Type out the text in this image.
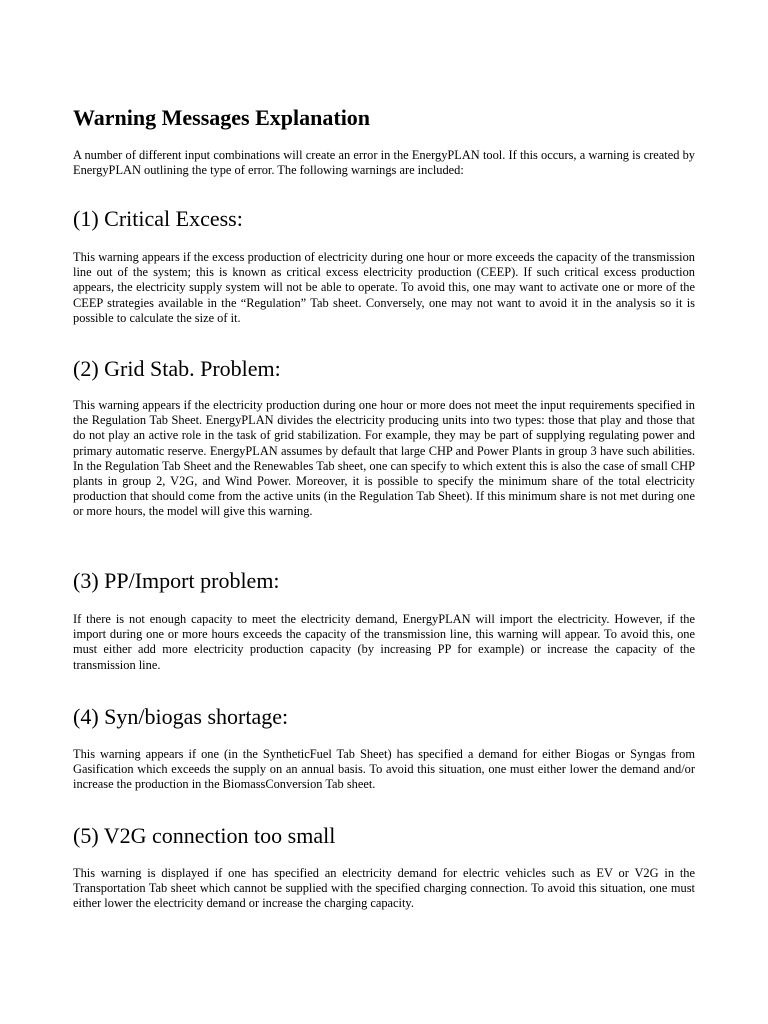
Warning Messages Explanation

A number of different input combinations will create an error in the EnergyPLAN tool. If this occurs, a warning is created by EnergyPLAN outlining the type of error. The following warnings are included:

(1) Critical Excess:

This warning appears if the excess production of electricity during one hour or more exceeds the capacity of the transmission line out of the system; this is known as critical excess electricity production (CEEP). If such critical excess production appears, the electricity supply system will not be able to operate. To avoid this, one may want to activate one or more of the CEEP strategies available in the “Regulation” Tab sheet. Conversely, one may not want to avoid it in the analysis so it is possible to calculate the size of it.

(2) Grid Stab. Problem:

This warning appears if the electricity production during one hour or more does not meet the input requirements specified in the Regulation Tab Sheet. EnergyPLAN divides the electricity producing units into two types: those that play and those that do not play an active role in the task of grid stabilization. For example, they may be part of supplying regulating power and primary automatic reserve. EnergyPLAN assumes by default that large CHP and Power Plants in group 3 have such abilities. In the Regulation Tab Sheet and the Renewables Tab sheet, one can specify to which extent this is also the case of small CHP plants in group 2, V2G, and Wind Power. Moreover, it is possible to specify the minimum share of the total electricity production that should come from the active units (in the Regulation Tab Sheet). If this minimum share is not met during one or more hours, the model will give this warning.

(3) PP/Import problem:

If there is not enough capacity to meet the electricity demand, EnergyPLAN will import the electricity. However, if the import during one or more hours exceeds the capacity of the transmission line, this warning will appear. To avoid this, one must either add more electricity production capacity (by increasing PP for example) or increase the capacity of the transmission line.

(4) Syn/biogas shortage:

This warning appears if one (in the SyntheticFuel Tab Sheet) has specified a demand for either Biogas or Syngas from Gasification which exceeds the supply on an annual basis. To avoid this situation, one must either lower the demand and/or increase the production in the BiomassConversion Tab sheet.

(5) V2G connection too small

This warning is displayed if one has specified an electricity demand for electric vehicles such as EV or V2G in the Transportation Tab sheet which cannot be supplied with the specified charging connection. To avoid this situation, one must either lower the electricity demand or increase the charging capacity.
